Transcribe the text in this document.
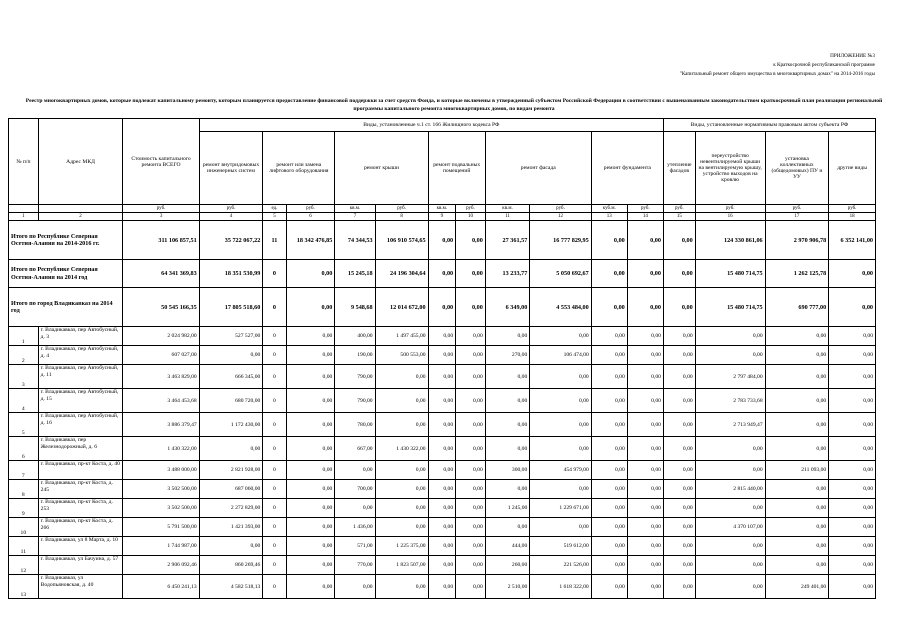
ПРИЛОЖЕНИЕ №3
к Краткосрочной республиканской программе
"Капитальный ремонт общего имущества в многоквартирных домах" на 2014-2016 годы
Реестр многоквартирных домов, которые подлежат капитальному ремонту, которым планируется предоставление финансовой поддержки за счет средств Фонда, и которые включены в утвержденный субъектом Российской Федерации в соответствии с вышеназванным законодательством краткосрочный план реализации региональной программы капитального ремонта многоквартирных домов, по видам ремонта
№ п/п	Адрес МКД	Стоимость капитального ремонта ВСЕГО	Виды, установленные ч.1 ст. 166 Жилищного кодекса РФ											Виды, установленные нормативным правовым актом субъекта РФ			
			ремонт внутридомовых инженерных систем	ремонт или замена лифтового оборудования		ремонт крыши		ремонт подвальных помещений		ремонт фасада		ремонт фундамента		утепление фасадов	переустройство невентилируемой крыши на вентилируемую крышу, устройство выходов на кровлю	установка коллективных (общедомовых) ПУ и УУ	другие виды
		руб.	руб.	ед.	руб.	кв.м.	руб.	кв.м.	руб.	кв.м.	руб.	куб.м.	руб.	руб.	руб.	руб.	руб.
1	2	3	4	5	6	7	8	9	10	11	12	13	14	15	16	17	18
Итого по Республике Северная Осетия-Алания на 2014-2016 гг.		311 106 857,51	35 722 067,22	11	18 342 476,85	74 344,53	106 910 574,65	0,00	0,00	27 361,57	16 777 829,95	0,00	0,00	0,00	124 330 861,06	2 970 906,78	6 352 141,00
Итого по Республике Северная Осетия-Алания на 2014 год		64 341 369,83	18 351 530,99	0	0,00	15 245,18	24 196 304,64	0,00	0,00	13 233,77	5 050 692,67	0,00	0,00	0,00	15 480 714,75	1 262 125,78	0,00
Итого по город Владикавказ на 2014 год		50 545 166,35	17 805 518,60	0	0,00	9 548,68	12 014 672,00	0,00	0,00	6 349,00	4 553 484,00	0,00	0,00	0,00	15 480 714,75	690 777,00	0,00
1	г. Владикавказ, пер Автобусный, д. 3	2 024 982,00	527 527,00	0	0,00	400,00	1 497 455,00	0,00	0,00	0,00	0,00	0,00	0,00	0,00	0,00	0,00	0,00
2	г. Владикавказ, пер Автобусный, д. 4	607 027,00	0,00	0	0,00	190,00	500 553,00	0,00	0,00	270,00	106 474,00	0,00	0,00	0,00	0,00	0,00	0,00
3	г. Владикавказ, пер Автобусный, д. 11	3 463 829,00	666 345,00	0	0,00	790,00	0,00	0,00	0,00	0,00	0,00	0,00	0,00	0,00	2 797 484,00	0,00	0,00
4	г. Владикавказ, пер Автобусный, д. 15	3 464 453,68	680 720,00	0	0,00	790,00	0,00	0,00	0,00	0,00	0,00	0,00	0,00	0,00	2 783 733,68	0,00	0,00
5	г. Владикавказ, пер Автобусный, д. 16	3 886 379,47	1 172 430,00	0	0,00	780,00	0,00	0,00	0,00	0,00	0,00	0,00	0,00	0,00	2 713 949,47	0,00	0,00
6	г. Владикавказ, пер Железнодорожный, д. 6	1 430 322,00	0,00	0	0,00	667,00	1 430 322,00	0,00	0,00	0,00	0,00	0,00	0,00	0,00	0,00	0,00	0,00
7	г. Владикавказ, пр-кт Коста, д. 40	3 488 000,00	2 821 928,00	0	0,00	0,00	0,00	0,00	0,00	300,00	454 979,00	0,00	0,00	0,00	0,00	211 093,00	0,00
8	г. Владикавказ, пр-кт Коста, д. 245	3 502 500,00	687 060,00	0	0,00	700,00	0,00	0,00	0,00	0,00	0,00	0,00	0,00	0,00	2 815 440,00	0,00	0,00
9	г. Владикавказ, пр-кт Коста, д. 253	3 502 500,00	2 272 829,00	0	0,00	0,00	0,00	0,00	0,00	1 245,00	1 229 671,00	0,00	0,00	0,00	0,00	0,00	0,00
10	г. Владикавказ, пр-кт Коста, д. 266	5 791 500,00	1 421 393,00	0	0,00	1 436,00	0,00	0,00	0,00	0,00	0,00	0,00	0,00	0,00	4 370 107,00	0,00	0,00
11	г. Владикавказ, ул 8 Марта, д. 10	1 744 987,00	0,00	0	0,00	571,00	1 225 375,00	0,00	0,00	444,00	519 612,00	0,00	0,00	0,00	0,00	0,00	0,00
12	г. Владикавказ, ул Бачуина, д. 57	2 906 092,46	860 269,46	0	0,00	770,00	1 823 507,00	0,00	0,00	260,00	221 526,00	0,00	0,00	0,00	0,00	0,00	0,00
13	г. Владикавказ, ул Водопьяновская, д. 40	6 450 241,13	4 582 518,13	0	0,00	0,00	0,00	0,00	0,00	2 510,00	1 618 322,00	0,00	0,00	0,00	0,00	249 401,00	0,00
